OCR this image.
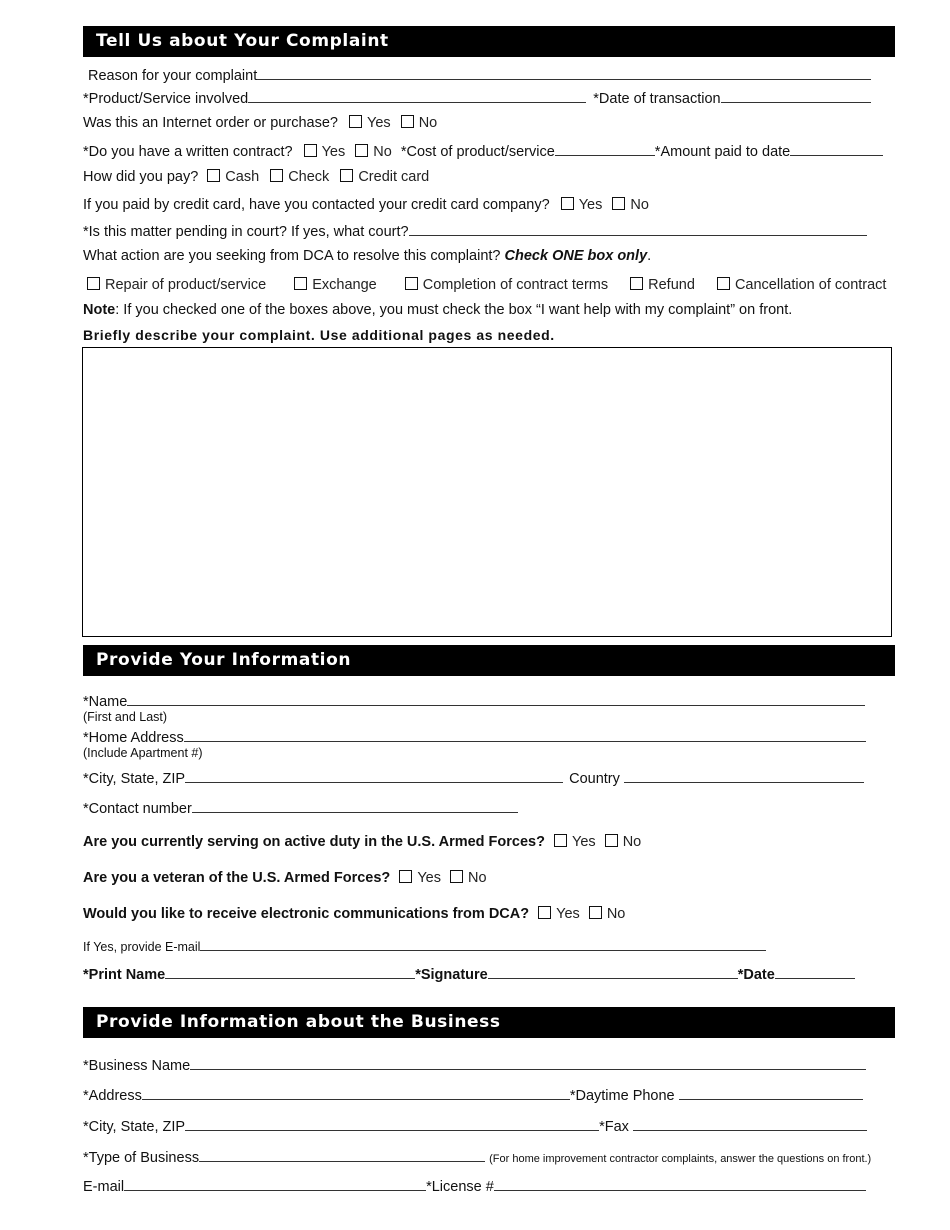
Tell Us about Your Complaint
Reason for your complaint
*Product/Service involved	*Date of transaction
Was this an Internet order or purchase? Yes No
*Do you have a written contract? Yes No *Cost of product/service	*Amount paid to date
How did you pay? Cash Check Credit card
If you paid by credit card, have you contacted your credit card company? Yes No
*Is this matter pending in court? If yes, what court?
What action are you seeking from DCA to resolve this complaint? Check ONE box only.
Repair of product/service	Exchange	Completion of contract terms	Refund	Cancellation of contract
Note: If you checked one of the boxes above, you must check the box “I want help with my complaint” on front.
Briefly describe your complaint. Use additional pages as needed.
Provide Your Information
*Name
(First and Last)
*Home Address
(Include Apartment #)
*City, State, ZIP	Country
*Contact number
Are you currently serving on active duty in the U.S. Armed Forces? Yes No
Are you a veteran of the U.S. Armed Forces? Yes No
Would you like to receive electronic communications from DCA? Yes No
If Yes, provide E-mail
*Print Name	*Signature	*Date
Provide Information about the Business
*Business Name
*Address	*Daytime Phone
*City, State, ZIP	*Fax
*Type of Business	(For home improvement contractor complaints, answer the questions on front.)
E-mail	*License #
